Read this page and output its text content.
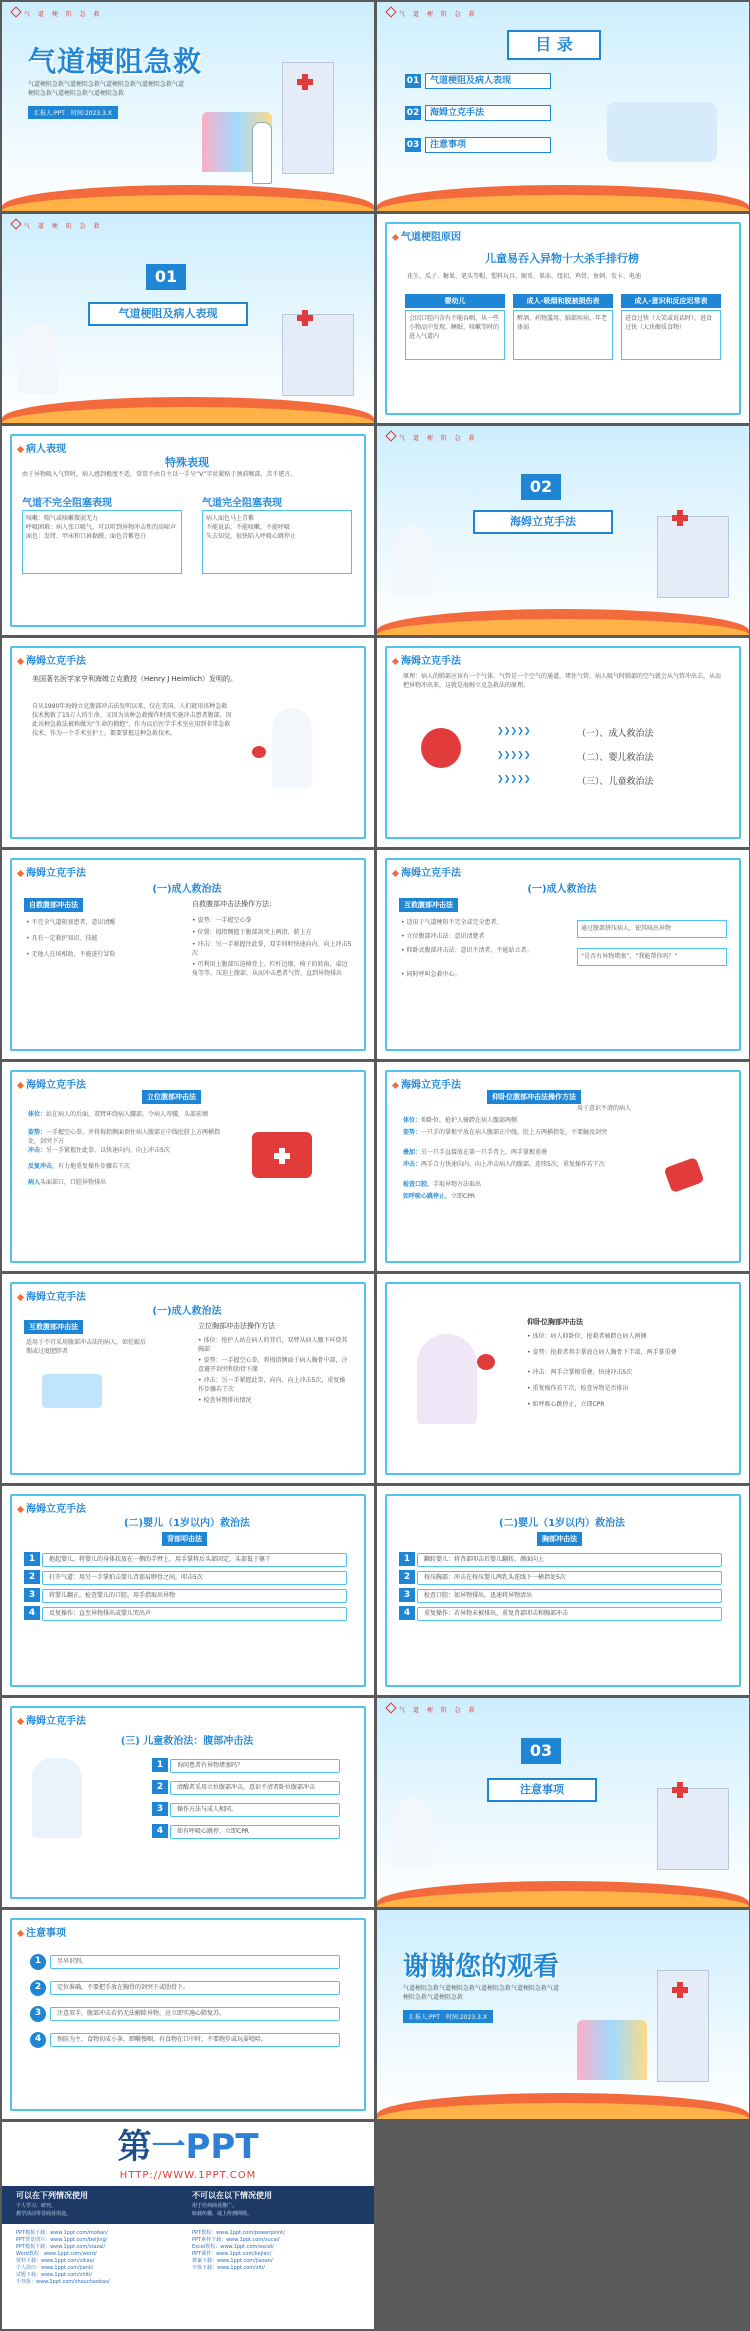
气 道 梗 阻 急 救
气道梗阻急救
气道梗阻急救气道梗阻急救气道梗阻急救气道梗阻急救气道梗阻急救气道梗阻急救气道梗阻急救
汇报人:PPT　 时间:2023.3.X
气 道 梗 阻 急 救
目 录
01	气道梗阻及病人表现
02	海姆立克手法
03	注意事项
气 道 梗 阻 急 救
01
气道梗阻及病人表现
气道梗阻原因
儿童易吞入异物十大杀手排行榜
花生、瓜子、糖果、笔头等帽、塑料玩具、硬币、果冻、纽扣、鸡骨、鱼刺、发卡、电池
婴幼儿
会因口腔内含有不能吞咽、从一些小物品中发现、睡眠、咳嗽等时的进入气道内
成人-吸烟和脱被损伤表
醉酒、药物滥用、脑部疾病、年老体弱
成人-意识和反应迟常表
进食过快（大笑或说话时），进食过快（大块硬质食物）
病人表现
特殊表现
由于异物吸入气管时，病人感到极度不适，常常不由自主以一手呈“V”字状紧贴于颈前喉部，苦不堪言。
气道不完全阻塞表现	气道完全阻塞表现
咳嗽：喘气或咳嗽微弱无力
呼吸困难：病人张口吸气，可以听到异物冲击性的高啼声
面色：发绀、甲床和口唇黏膜、面色青紫苍白
病人面色马上青紫
不能说话，不能咳嗽，不能呼吸
失去知觉，很快陷入呼吸心跳停止
气 道 梗 阻 急 救
02
海姆立克手法
海姆立克手法
美国著名医学家亨利海姆立克教授（Henry J Heimlich）发明的。
自从1990年海姆立克腹部冲击法发明以来，仅在美国，人们就用该种急救技术挽救了15万人的生命。又因为该种急救操作时需实施冲击患者腹部，因此该种急救法被称做为“生命的拥抱”，作为以后医学手术室应用到非常急救技术，作为一个手术室护士，都要掌握这种急救技术。
海姆立克手法
原理：病人的肺部应该有一个气体，气管是一个空气的通道，堵住气管，病人吸气时肺部的空气就会从气管冲出去，从而把异物冲出来，这就是海姆立克急救法的原理。
❯❯❯❯❯	（一）、成人救治法
❯❯❯❯❯	（二）、婴儿救治法
❯❯❯❯❯	（三）、儿童救治法
海姆立克手法
(一)成人救治法
自救腹部冲击法
• 不完全气道阻塞患者，意识清醒
• 具有一定救护知识、技能
• 无他人在场相助，不能进行冒险
自救腹部冲击法操作方法：
• 姿势：一手握空心拳
• 位置：拇指侧握于腹部剑突上两指、脐上方
• 冲击：另一手紧握住此拳，双手同时快速向内、向上冲击5次
• 可利用上腹部压迫椅背上、栏杆边缘，椅子的转角，桌边角等等，压迫上腹部，从而冲击患者气管，直到异物排出
海姆立克手法
(一)成人救治法
互救腹部冲击法
• 适用于气道梗阻不完全或完全患者。
• 立位腹部冲击法：意识清楚者
• 仰卧式腹部冲击法：意识不清者，不能站立者。
• 同时呼叫急救中心。
通过腹部挤压病人，使其咳出异物
“是否有异物堵塞”，“我能帮你吗？”
海姆立克手法
立位腹部冲击法
体位：站在病人的后面，双臂环绕病人腰部，令病人弯腰，头部前倾
姿势：一手握空心拳，并将拇指侧面顶住病人腹部正中线肚脐上方两横指处，剑突下方
冲击：另一手紧握住此拳，以快速向内、向上冲击5次
反复冲击，有力地重复操作步骤若干次
病人头面部口，口腔异物排出
海姆立克手法
仰卧位腹部冲击法操作方法
用于意识不清的病人
体位：仰卧位，抢护人骑跨在病人髋部两侧
姿势：一只手的掌根平放在病人腹部正中线，肚上方两横指处，不要触及剑突
叠加：另一只手直接放在第一只手背上，两手掌根重叠
冲击：两手合力快速向内、向上冲击病人的腹部，连续5次，重复操作若干次
检查口腔，手取异物方法取出
如呼吸心跳停止，立即CPR
海姆立克手法
(一)成人救治法
互救腹部冲击法
适用于不宜采用腹部冲击法的病人，如妊娠后期或过度肥胖者
立位胸部冲击法操作方法
• 体位：抢护人站在病人的背后，双臂从病人腋下环绕其胸部
• 姿势：一手握空心拳，将拇指侧面于病人胸骨中部，注意避开剑突和肋骨下缘
• 冲击：另一手紧握此拳，向内、向上冲击5次，重复操作步骤若干次
• 检查异物排出情况
仰卧位胸部冲击法
• 体位：病人仰卧位，抢救者骑跨在病人两侧
• 姿势：抢救者将手掌放在病人胸骨下半部，两手掌重叠
• 冲击：两手合掌根重叠，快速冲击5次
• 重复操作若干次，检查异物是否排出
• 如呼吸心跳停止，立即CPR
海姆立克手法
(二)婴儿（1岁以内）救治法
背部叩击法
1	抱起婴儿，将婴儿的身体扶放在一侧的手臂上，用手掌将后头部固定，头部低于躯干
2	打开气道：用另一手掌拍击婴儿背部肩胛骨之间，叩击5次
3	将婴儿翻正，检查婴儿的口腔，用手指取出异物
4	反复操作：直至异物排出或婴儿哭出声
(二)婴儿（1岁以内）救治法
胸部冲击法
1	翻转婴儿：将背部叩击后婴儿翻转，颜面向上
2	按压胸部：冲击在按压婴儿两乳头连线下一横指处5次
3	检查口腔：如异物排出，迅速将异物清出
4	重复操作：若异物未被排出，重复背部叩击和胸部冲击
海姆立克手法
(三) 儿童救治法：腹部冲击法
1	询问患者有异物堵塞吗？
2	清醒者采用立位腹部冲击，意识不清者卧位腹部冲击
3	操作方法与成人相同。
4	如有呼吸心跳停，立即CPR
气 道 梗 阻 急 救
03
注意事项
注意事项
1	尽早识别。
2	定位准确，不要把手放在胸骨的剑突下或肋骨下。
3	注意双手，腹部冲击若仍无法解除异物，应立即实施心肺复苏。
4	预防为主，食物切成小条，细嚼慢咽，有食物在口中时，不要跑步或玩耍嘻哈。
谢谢您的观看
气道梗阻急救气道梗阻急救气道梗阻急救气道梗阻急救气道梗阻急救气道梗阻急救
汇报人:PPT　 时间:2023.3.X
第一PPT
HTTP://WWW.1PPT.COM
可以在下列情况使用
个人学习、研究。
教学活动等非商业用途。
不可以在以下情况使用
用于任何商业推广。
转载传播，或上传到网络。
PPT模板下载：www.1ppt.com/moban/
PPT背景图片：www.1ppt.com/beijing/
PPT模板下载：www.1ppt.com/xiazai/
Word教程：www.1ppt.com/word/
资料下载：www.1ppt.com/ziliao/
个人简历：www.1ppt.com/jianli/
试题下载：www.1ppt.com/shiti/
手抄报：www.1ppt.com/shouchaobao/
PPT教程：www.1ppt.com/powerpoint/
PPT素材下载：www.1ppt.com/sucai/
Excel教程：www.1ppt.com/excel/
PPT课件：www.1ppt.com/kejian/
教案下载：www.1ppt.com/jiaoan/
字体下载：www.1ppt.com/ziti/
